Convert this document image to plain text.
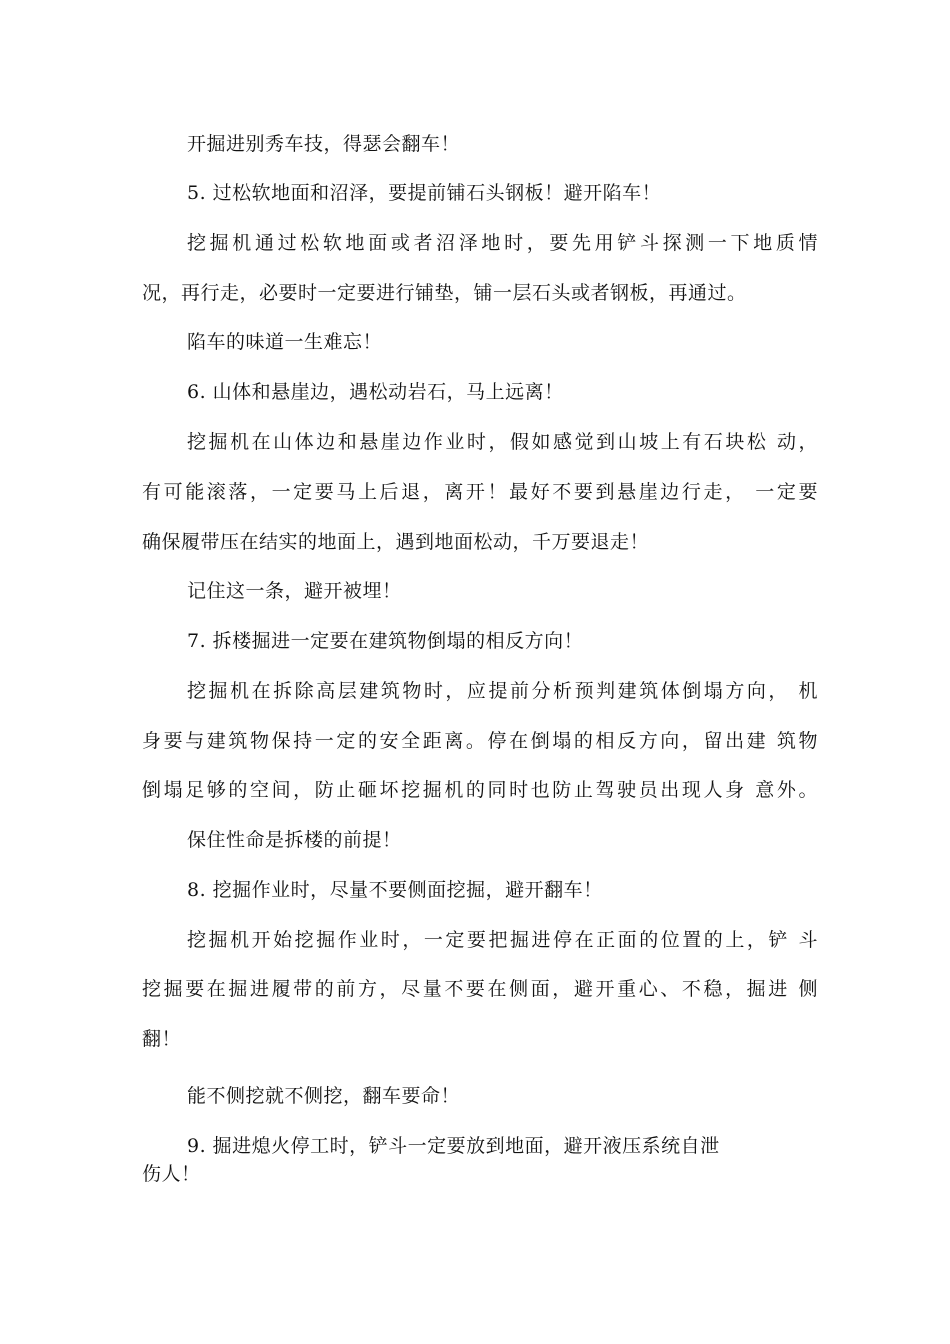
开掘进别秀车技，得瑟会翻车！
5. 过松软地面和沼泽，要提前铺石头钢板！避开陷车！
挖掘机通过松软地面或者沼泽地时，要先用铲斗探测一下地质情
况，再行走，必要时一定要进行铺垫，铺一层石头或者钢板，再通过。
陷车的味道一生难忘！
6. 山体和悬崖边，遇松动岩石，马上远离！
挖掘机在山体边和悬崖边作业时，假如感觉到山坡上有石块松 动，
有可能滚落，一定要马上后退，离开！最好不要到悬崖边行走， 一定要
确保履带压在结实的地面上，遇到地面松动，千万要退走！
记住这一条，避开被埋！
7. 拆楼掘进一定要在建筑物倒塌的相反方向！
挖掘机在拆除高层建筑物时，应提前分析预判建筑体倒塌方向， 机
身要与建筑物保持一定的安全距离。停在倒塌的相反方向，留出建 筑物
倒塌足够的空间，防止砸坏挖掘机的同时也防止驾驶员出现人身 意外。
保住性命是拆楼的前提！
8. 挖掘作业时，尽量不要侧面挖掘，避开翻车！
挖掘机开始挖掘作业时，一定要把掘进停在正面的位置的上，铲 斗
挖掘要在掘进履带的前方，尽量不要在侧面，避开重心、不稳，掘进 侧
翻！
能不侧挖就不侧挖，翻车要命！
9. 掘进熄火停工时，铲斗一定要放到地面，避开液压系统自泄
伤人！
